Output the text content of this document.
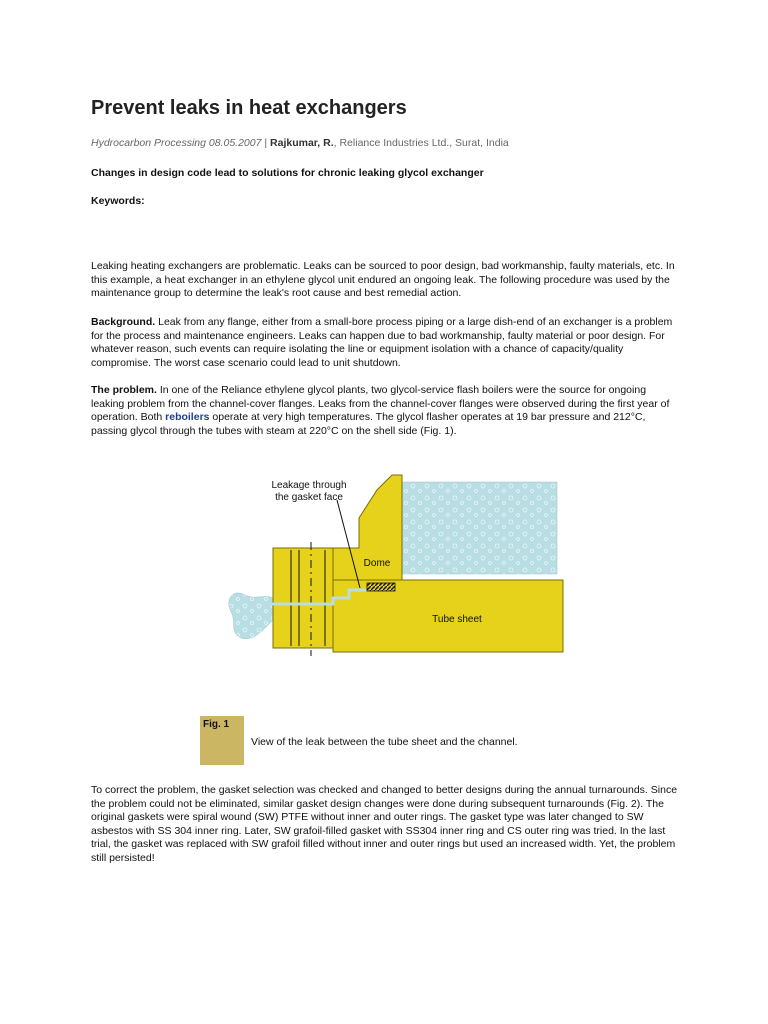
Prevent leaks in heat exchangers
Hydrocarbon Processing 08.05.2007 | Rajkumar, R., Reliance Industries Ltd., Surat, India
Changes in design code lead to solutions for chronic leaking glycol exchanger
Keywords:

Leaking heating exchangers are problematic. Leaks can be sourced to poor design, bad workmanship, faulty materials, etc. In this example, a heat exchanger in an ethylene glycol unit endured an ongoing leak. The following procedure was used by the maintenance group to determine the leak's root cause and best remedial action.

Background. Leak from any flange, either from a small-bore process piping or a large dish-end of an exchanger is a problem for the process and maintenance engineers. Leaks can happen due to bad workmanship, faulty material or poor design. For whatever reason, such events can require isolating the line or equipment isolation with a chance of capacity/quality compromise. The worst case scenario could lead to unit shutdown.

The problem. In one of the Reliance ethylene glycol plants, two glycol-service flash boilers were the source for ongoing leaking problem from the channel-cover flanges. Leaks from the channel-cover flanges were observed during the first year of operation. Both reboilers operate at very high temperatures. The glycol flasher operates at 19 bar pressure and 212°C, passing glycol through the tubes with steam at 220°C on the shell side (Fig. 1).

To correct the problem, the gasket selection was checked and changed to better designs during the annual turnarounds. Since the problem could not be eliminated, similar gasket design changes were done during subsequent turnarounds (Fig. 2). The original gaskets were spiral wound (SW) PTFE without inner and outer rings. The gasket type was later changed to SW asbestos with SS 304 inner ring. Later, SW grafoil-filled gasket with SS304 inner ring and CS outer ring was tried. In the last trial, the gasket was replaced with SW grafoil filled without inner and outer rings but used an increased width. Yet, the problem still persisted!

Leakage through
the gasket face
Dome
Tube sheet
Fig. 1
View of the leak between the tube sheet and the channel.
